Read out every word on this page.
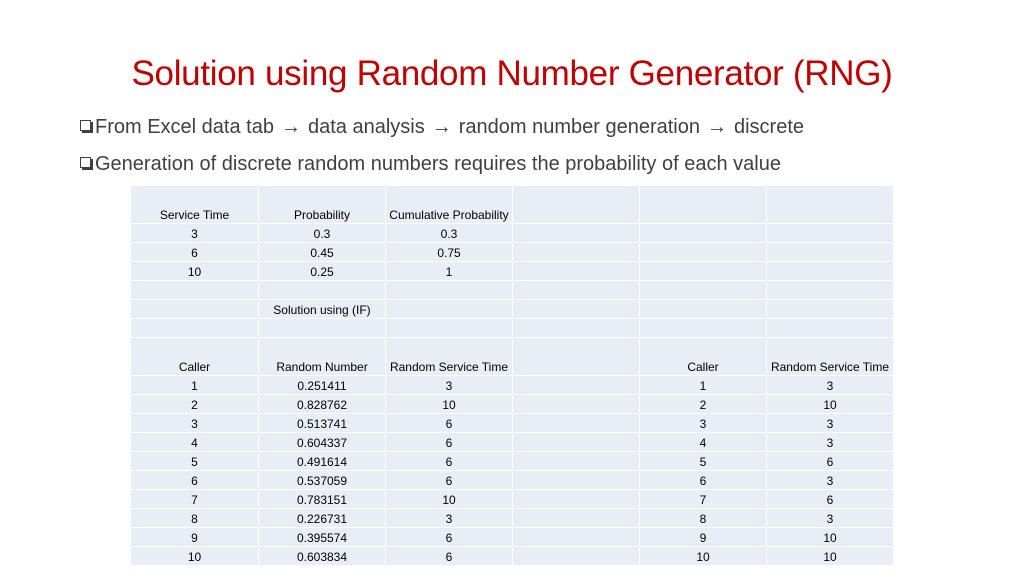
Solution using Random Number Generator (RNG)
From Excel data tab → data analysis → random number generation → discrete
Generation of discrete random numbers requires the probability of each value
Service Time	Probability	Cumulative Probability			
3	0.3	0.3			
6	0.45	0.75			
10	0.25	1			

	Solution using (IF)				

Caller	Random Number	Random Service Time		Caller	Random Service Time
1	0.251411	3		1	3
2	0.828762	10		2	10
3	0.513741	6		3	3
4	0.604337	6		4	3
5	0.491614	6		5	6
6	0.537059	6		6	3
7	0.783151	10		7	6
8	0.226731	3		8	3
9	0.395574	6		9	10
10	0.603834	6		10	10
